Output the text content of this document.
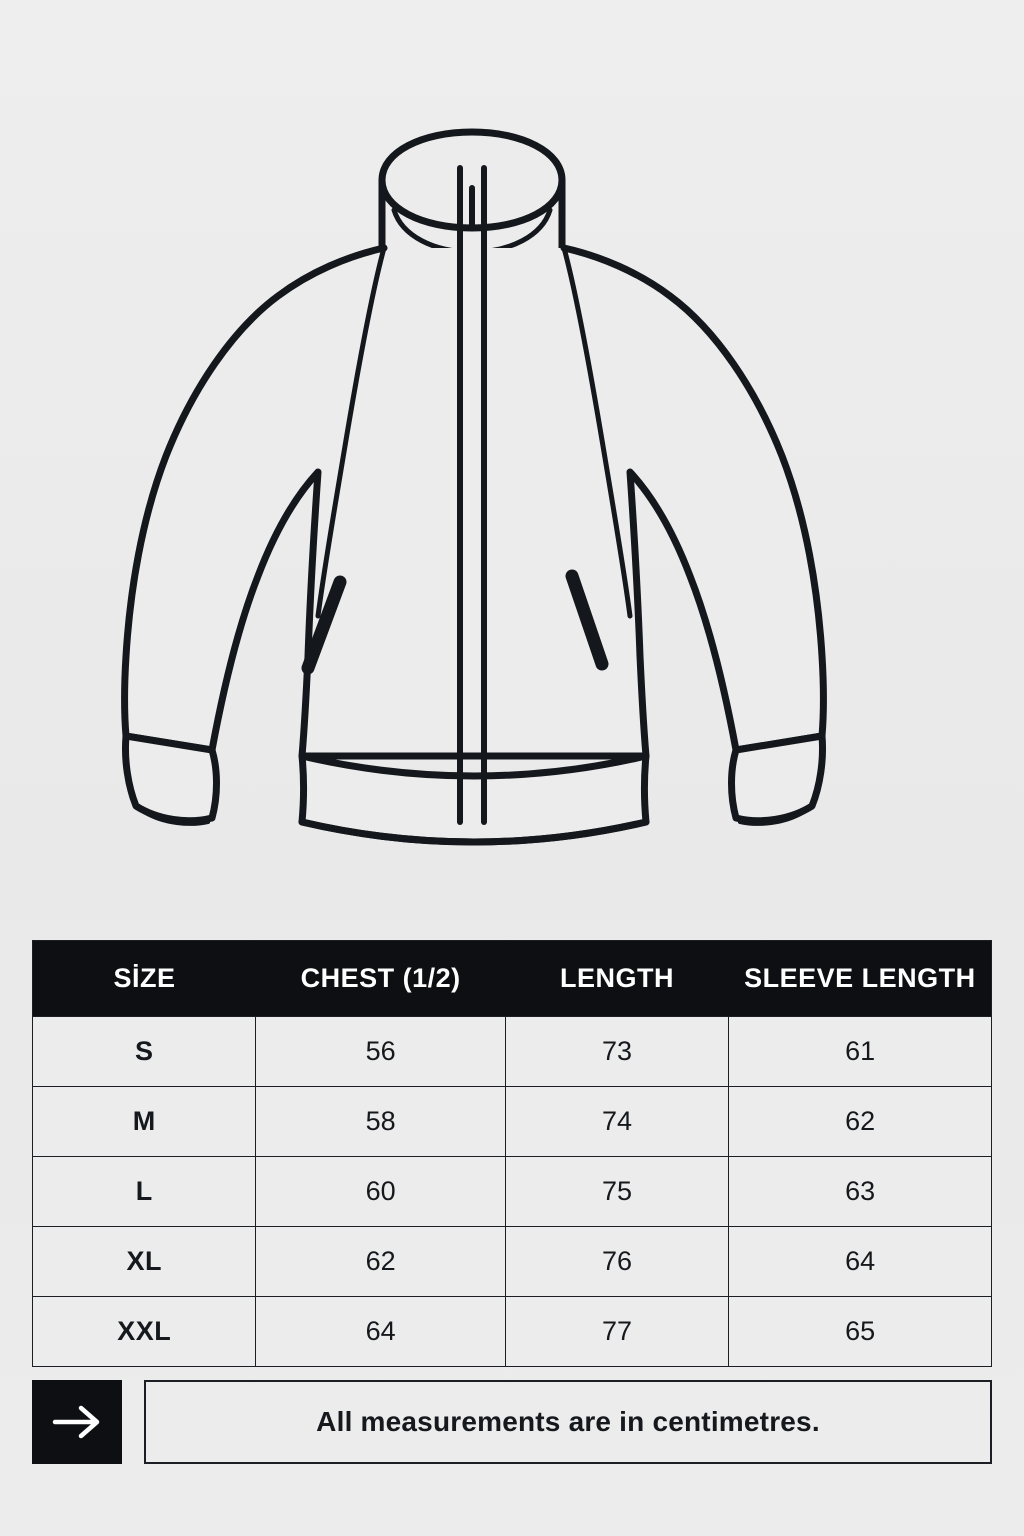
SİZE	CHEST (1/2)	LENGTH	SLEEVE LENGTH
S	56	73	61
M	58	74	62
L	60	75	63
XL	62	76	64
XXL	64	77	65
All measurements are in centimetres.
